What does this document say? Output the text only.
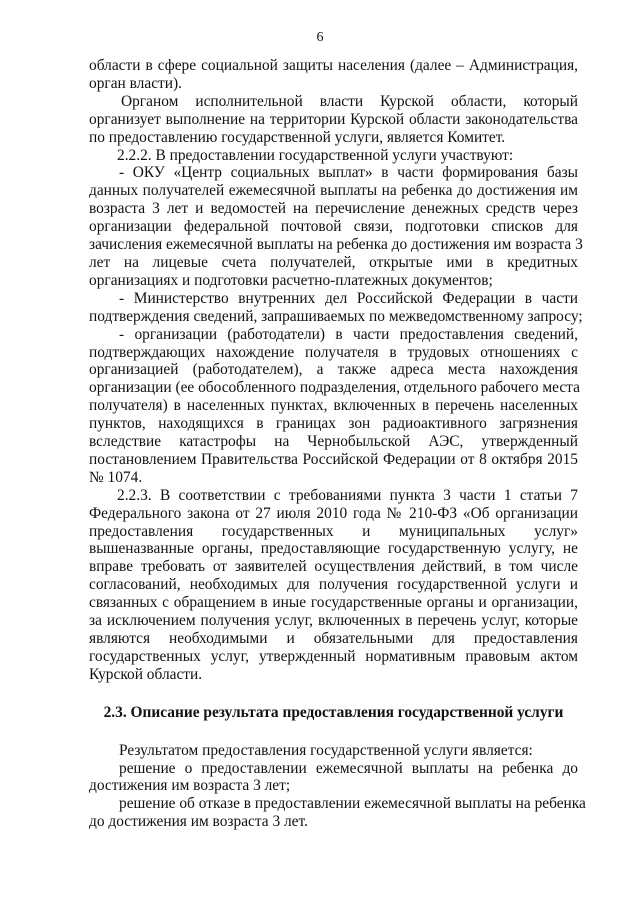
6
области в сфере социальной защиты населения (далее – Администрация,
орган власти).
Органом исполнительной власти Курской области, который
организует выполнение на территории Курской области законодательства
по предоставлению государственной услуги, является Комитет.
2.2.2. В предоставлении государственной услуги участвуют:
- ОКУ «Центр социальных выплат» в части формирования базы
данных получателей ежемесячной выплаты на ребенка до достижения им
возраста 3 лет и ведомостей на перечисление денежных средств через
организации федеральной почтовой связи, подготовки списков для
зачисления ежемесячной выплаты на ребенка до достижения им возраста 3
лет на лицевые счета получателей, открытые ими в кредитных
организациях и подготовки расчетно-платежных документов;
- Министерство внутренних дел Российской Федерации в части
подтверждения сведений, запрашиваемых по межведомственному запросу;
- организации (работодатели) в части предоставления сведений,
подтверждающих нахождение получателя в трудовых отношениях с
организацией (работодателем), а также адреса места нахождения
организации (ее обособленного подразделения, отдельного рабочего места
получателя) в населенных пунктах, включенных в перечень населенных
пунктов, находящихся в границах зон радиоактивного загрязнения
вследствие катастрофы на Чернобыльской АЭС, утвержденный
постановлением Правительства Российской Федерации от 8 октября 2015
№ 1074.
2.2.3. В соответствии с требованиями пункта 3 части 1 статьи 7
Федерального закона от 27 июля 2010 года № 210-ФЗ «Об организации
предоставления государственных и муниципальных услуг»
вышеназванные органы, предоставляющие государственную услугу, не
вправе требовать от заявителей осуществления действий, в том числе
согласований, необходимых для получения государственной услуги и
связанных с обращением в иные государственные органы и организации,
за исключением получения услуг, включенных в перечень услуг, которые
являются необходимыми и обязательными для предоставления
государственных услуг, утвержденный нормативным правовым актом
Курской области.
2.3. Описание результата предоставления государственной услуги
Результатом предоставления государственной услуги является:
решение о предоставлении ежемесячной выплаты на ребенка до
достижения им возраста 3 лет;
решение об отказе в предоставлении ежемесячной выплаты на ребенка
до достижения им возраста 3 лет.
